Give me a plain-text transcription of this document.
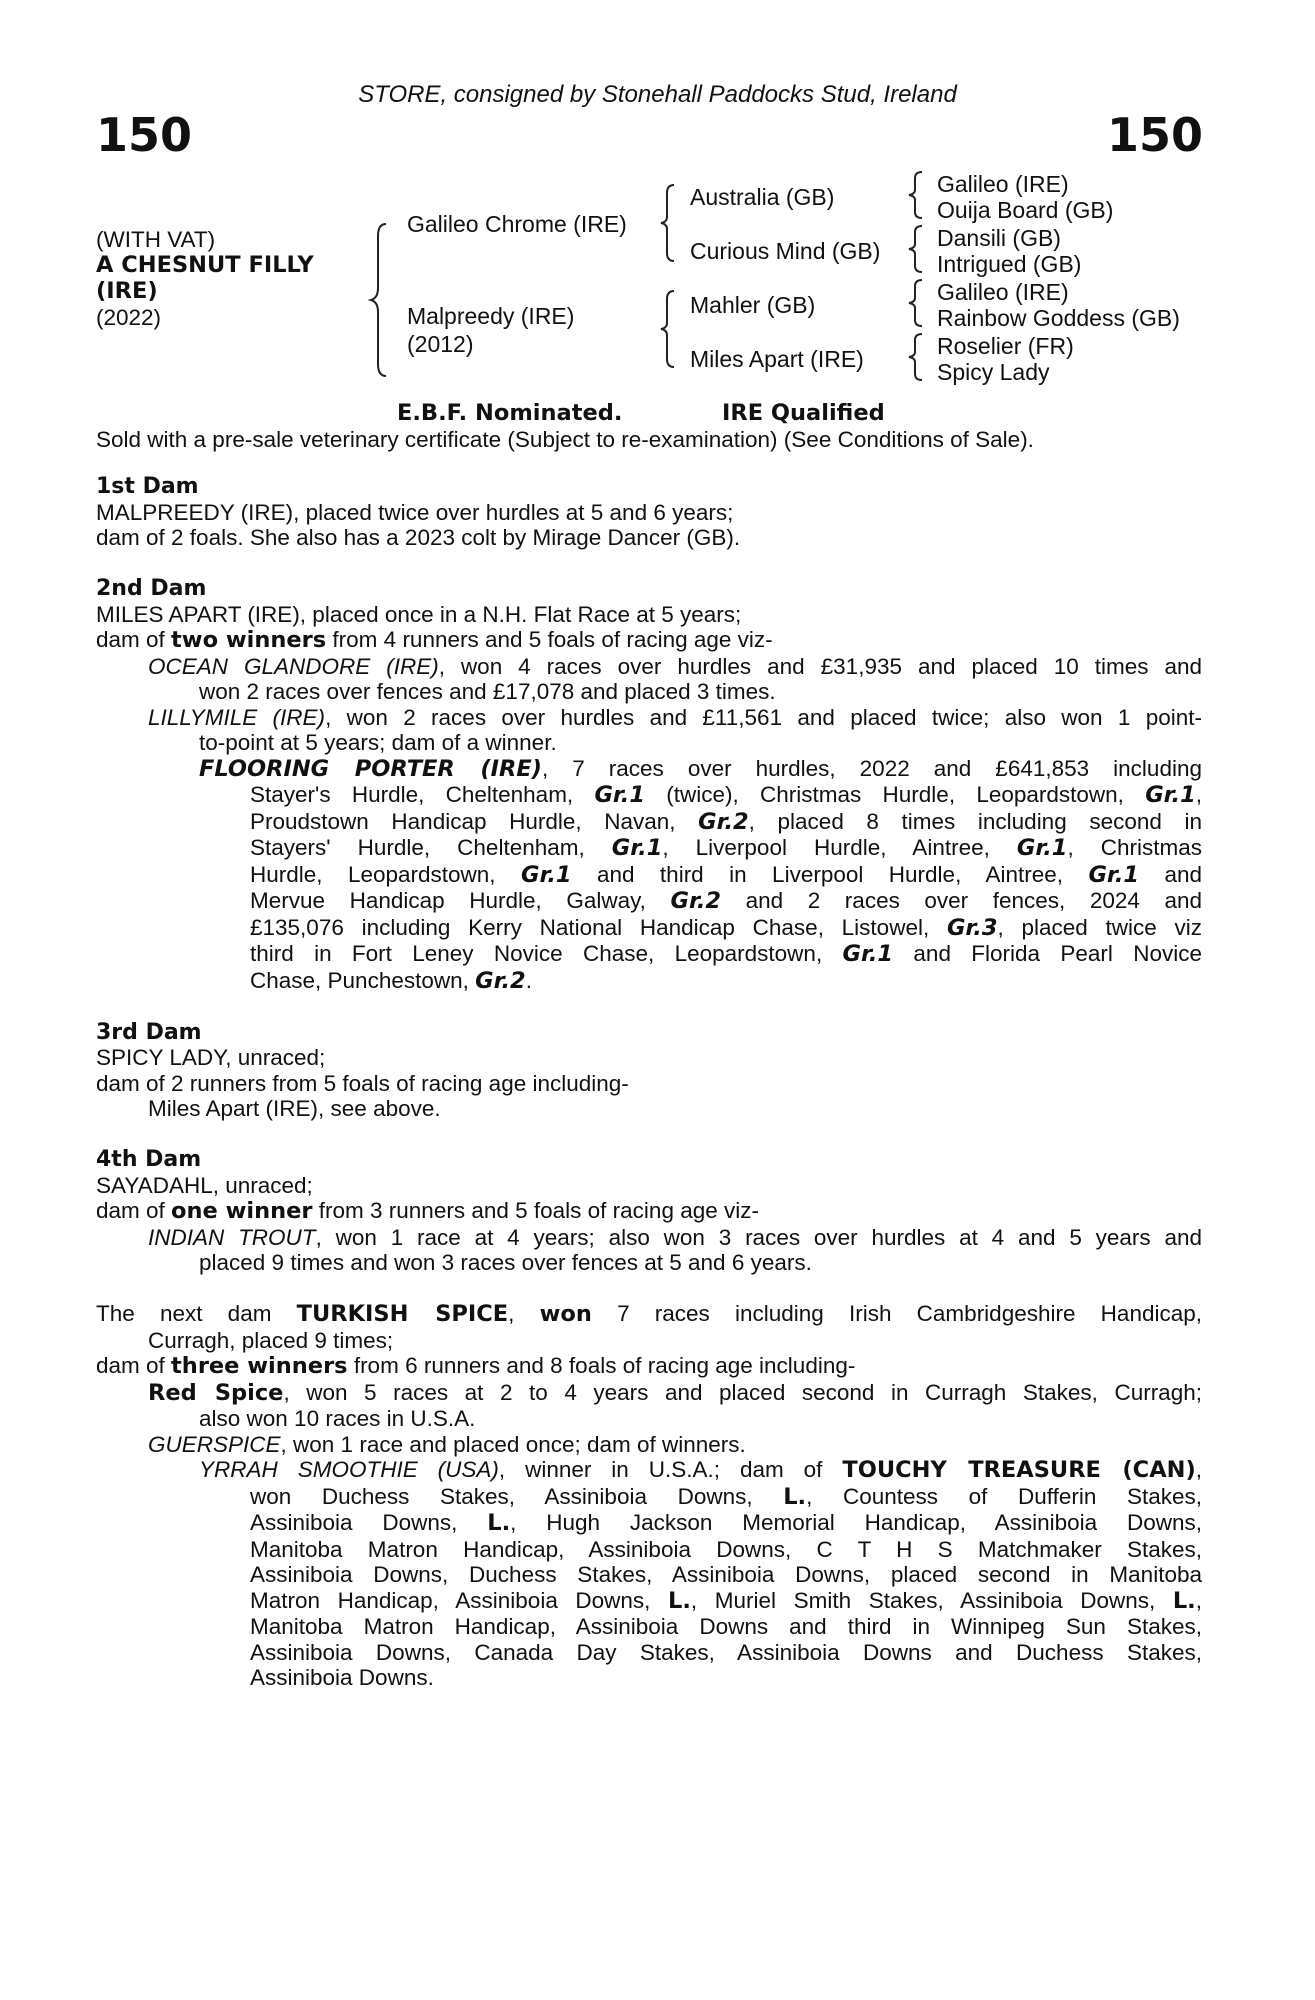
STORE, consigned by Stonehall Paddocks Stud, Ireland
150	150
(WITH VAT)
A CHESNUT FILLY
(IRE)
(2022)
Galileo Chrome (IRE)
Malpreedy (IRE)
(2012)
Australia (GB)
Curious Mind (GB)
Mahler (GB)
Miles Apart (IRE)
Galileo (IRE)
Ouija Board (GB)
Dansili (GB)
Intrigued (GB)
Galileo (IRE)
Rainbow Goddess (GB)
Roselier (FR)
Spicy Lady
E.B.F. Nominated.	IRE Qualified
Sold with a pre-sale veterinary certificate (Subject to re-examination) (See Conditions of Sale).
1st Dam
MALPREEDY (IRE), placed twice over hurdles at 5 and 6 years;
dam of 2 foals. She also has a 2023 colt by Mirage Dancer (GB).
2nd Dam
MILES APART (IRE), placed once in a N.H. Flat Race at 5 years;
dam of two winners from 4 runners and 5 foals of racing age viz-
OCEAN GLANDORE (IRE), won 4 races over hurdles and £31,935 and placed 10 times and
won 2 races over fences and £17,078 and placed 3 times.
LILLYMILE (IRE), won 2 races over hurdles and £11,561 and placed twice; also won 1 point-
to-point at 5 years; dam of a winner.
FLOORING PORTER (IRE), 7 races over hurdles, 2022 and £641,853 including
Stayer's Hurdle, Cheltenham, Gr.1 (twice), Christmas Hurdle, Leopardstown, Gr.1,
Proudstown Handicap Hurdle, Navan, Gr.2, placed 8 times including second in
Stayers' Hurdle, Cheltenham, Gr.1, Liverpool Hurdle, Aintree, Gr.1, Christmas
Hurdle, Leopardstown, Gr.1 and third in Liverpool Hurdle, Aintree, Gr.1 and
Mervue Handicap Hurdle, Galway, Gr.2 and 2 races over fences, 2024 and
£135,076 including Kerry National Handicap Chase, Listowel, Gr.3, placed twice viz
third in Fort Leney Novice Chase, Leopardstown, Gr.1 and Florida Pearl Novice
Chase, Punchestown, Gr.2.
3rd Dam
SPICY LADY, unraced;
dam of 2 runners from 5 foals of racing age including-
Miles Apart (IRE), see above.
4th Dam
SAYADAHL, unraced;
dam of one winner from 3 runners and 5 foals of racing age viz-
INDIAN TROUT, won 1 race at 4 years; also won 3 races over hurdles at 4 and 5 years and
placed 9 times and won 3 races over fences at 5 and 6 years.
The next dam TURKISH SPICE, won 7 races including Irish Cambridgeshire Handicap,
Curragh, placed 9 times;
dam of three winners from 6 runners and 8 foals of racing age including-
Red Spice, won 5 races at 2 to 4 years and placed second in Curragh Stakes, Curragh;
also won 10 races in U.S.A.
GUERSPICE, won 1 race and placed once; dam of winners.
YRRAH SMOOTHIE (USA), winner in U.S.A.; dam of TOUCHY TREASURE (CAN),
won Duchess Stakes, Assiniboia Downs, L., Countess of Dufferin Stakes,
Assiniboia Downs, L., Hugh Jackson Memorial Handicap, Assiniboia Downs,
Manitoba Matron Handicap, Assiniboia Downs, C T H S Matchmaker Stakes,
Assiniboia Downs, Duchess Stakes, Assiniboia Downs, placed second in Manitoba
Matron Handicap, Assiniboia Downs, L., Muriel Smith Stakes, Assiniboia Downs, L.,
Manitoba Matron Handicap, Assiniboia Downs and third in Winnipeg Sun Stakes,
Assiniboia Downs, Canada Day Stakes, Assiniboia Downs and Duchess Stakes,
Assiniboia Downs.
